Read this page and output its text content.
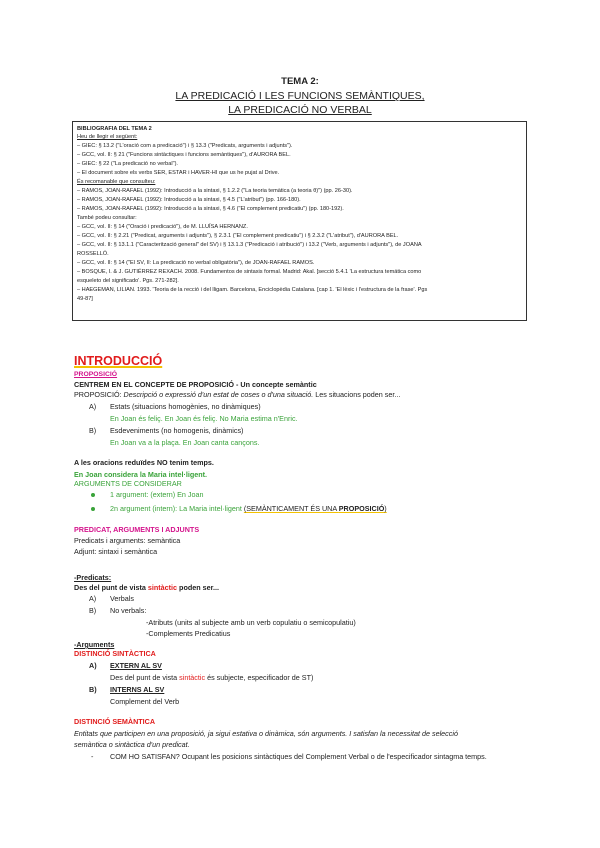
TEMA 2:
LA PREDICACIÓ I LES FUNCIONS SEMÀNTIQUES,
LA PREDICACIÓ NO VERBAL
BIBLIOGRAFIA DEL TEMA 2
Heu de llegir el següent:
– GIEC: § 13.2 ("L'oració com a predicació") i § 13.3 ("Predicats, arguments i adjunts").
– GCC, vol. II: § 21 ("Funcions sintàctiques i funcions semàntiques"), d'AURORA BEL.
– GIEC: § 22 ("La predicació no verbal").
– El document sobre els verbs SER, ESTAR i HAVER-HI que us he pujat al Drive.
És recomanable que consulteu:
– RAMOS, JOAN-RAFAEL (1992): Introducció a la sintaxi, § 1.2.2 ("La teoria temàtica (a teoria θ)") (pp. 26-30).
– RAMOS, JOAN-RAFAEL (1992): Introducció a la sintaxi, § 4.5 ("L'atribut") (pp. 166-180).
– RAMOS, JOAN-RAFAEL (1992): Introducció a la sintaxi, § 4.6 ("El complement predicatiu") (pp. 180-192).
També podeu consultar:
– GCC, vol. II: § 14 ("Oració i predicació"), de M. LLUÏSA HERNANZ.
– GCC, vol. II: § 2.21 ("Predicat, arguments i adjunts"), § 2.3.1 ("El complement predicatiu") i § 2.3.2 ("L'atribut"), d'AURORA BEL.
– GCC, vol. II: § 13.1.1 ("Caracterització general" del SV) i § 13.1.3 ("Predicació i atribució") i 13.2 ("Verb, arguments i adjunts"), de JOANA
ROSSELLÓ.
– GCC, vol. II: § 14 ("El SV, II: La predicació no verbal obligatòria"), de JOAN-RAFAEL RAMOS.
– BOSQUE, I. & J. GUTIÉRREZ REXACH. 2008. Fundamentos de sintaxis formal. Madrid: Akal. [secció 5.4.1 'La estructura temática como
esqueleto del significado'. Pgs. 271-282].
– HAEGEMAN, LILIAN. 1993. 'Teoria de la recció i del lligam. Barcelona, Enciclopèdia Catalana. [cap 1. 'El lèxic i l'estructura de la frase'. Pgs
49-87]
INTRODUCCIÓ
PROPOSICIÓ
CENTREM EN EL CONCEPTE DE PROPOSICIÓ - Un concepte semàntic
PROPOSICIÓ: Descripció o expressió d'un estat de coses o d'una situació. Les situacions poden ser...
A) Estats (situacions homogènies, no dinàmiques)
En Joan és feliç. En Joan és feliç. No Maria estima n'Enric.
B) Esdeveniments (no homogenis, dinàmics)
En Joan va a la plaça. En Joan canta cançons.
A les oracions reduïdes NO tenim temps.
En Joan considera la Maria intel·ligent.
ARGUMENTS DE CONSIDERAR
1 argument: (extern) En Joan
2n argument (intern): La Maria intel·ligent (SEMÀNTICAMENT ÉS UNA PROPOSICIÓ)
PREDICAT, ARGUMENTS I ADJUNTS
Predicats i arguments: semàntica
Adjunt: sintaxi i semàntica
-Predicats:
Des del punt de vista sintàctic poden ser...
A) Verbals
B) No verbals:
-Atributs (units al subjecte amb un verb copulatiu o semicopulatiu)
-Complements Predicatius
-Arguments
DISTINCIÓ SINTÀCTICA
A) EXTERN AL SV
Des del punt de vista sintàctic és subjecte, especificador de ST)
B) INTERNS AL SV
Complement del Verb
DISTINCIÓ SEMÀNTICA
Entitats que participen en una proposició, ja sigui estativa o dinàmica, són arguments. I satisfan la necessitat de selecció
semàntica o sintàctica d'un predicat.
- COM HO SATISFAN? Ocupant les posicions sintàctiques del Complement Verbal o de l'especificador sintagma temps.
